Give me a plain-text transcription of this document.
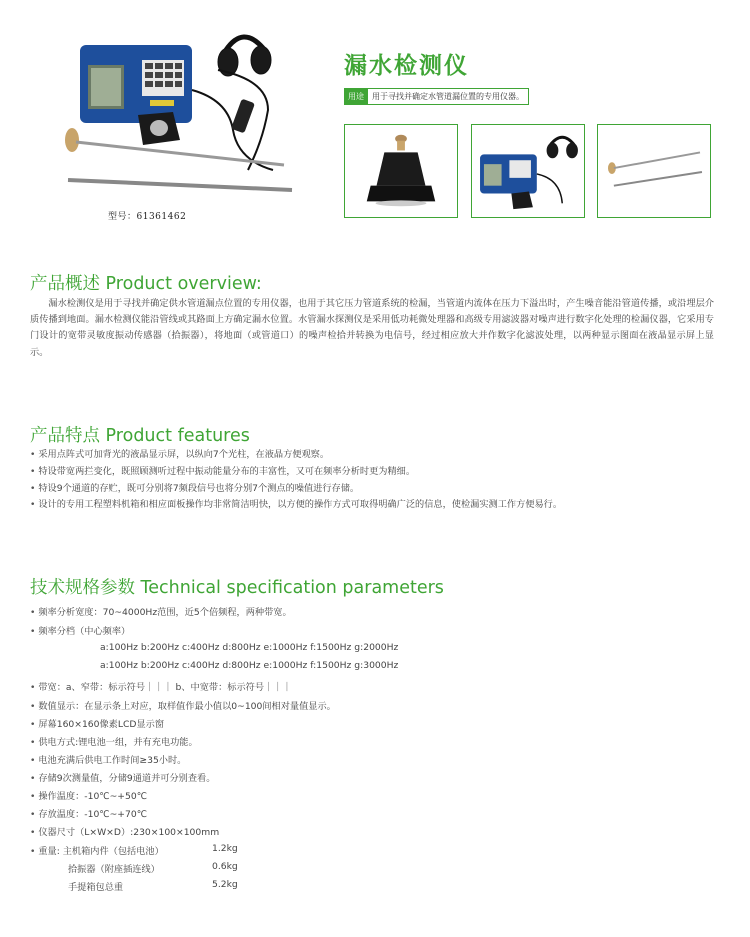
型号：61361462
漏水检测仪
用途	用于寻找并确定水管道漏位置的专用仪器。
产品概述 Product overview:
漏水检测仪是用于寻找并确定供水管道漏点位置的专用仪器，也用于其它压力管道系统的检漏，当管道内流体在压力下溢出时，产生噪音能沿管道传播，或沿埋层介质传播到地面。漏水检测仪能沿管线或其路面上方确定漏水位置。水管漏水探测仪是采用低功耗微处理器和高级专用滤波器对噪声进行数字化处理的检漏仪器，它采用专门设计的宽带灵敏度振动传感器（拾振器），将地面（或管道口）的噪声检拾并转换为电信号，经过相应放大并作数字化滤波处理，以两种显示图面在液晶显示屏上显示。
产品特点 Product features
• 采用点阵式可加背光的液晶显示屏，以纵向7个光柱，在液晶方便观察。
• 特设带宽两拦变化，既照顾测听过程中振动能量分布的丰富性，又可在频率分析时更为精细。
• 特设9个通道的存贮，既可分别将7频段信号也将分别7个测点的噪值进行存储。
• 设计的专用工程塑料机箱和相应面板操作均非常简洁明快，以方便的操作方式可取得明确广泛的信息，使检漏实测工作方便易行。
技术规格参数 Technical specification parameters
• 频率分析宽度：70~4000Hz范围，近5个倍频程，两种带宽。
• 频率分档（中心频率）
a:100Hz b:200Hz c:400Hz d:800Hz e:1000Hz f:1500Hz g:2000Hz
a:100Hz b:200Hz c:400Hz d:800Hz e:1000Hz f:1500Hz g:3000Hz
• 带宽：a、窄带：标示符号｜｜｜ b、中宽带：标示符号｜｜｜
• 数值显示：在显示条上对应，取样值作最小值以0~100间相对量值显示。
• 屏幕160×160像素LCD显示窗
• 供电方式:锂电池一组，并有充电功能。
• 电池充满后供电工作时间≥35小时。
• 存储9次测量值，分储9通道并可分别查看。
• 操作温度：-10℃~+50℃
• 存放温度：-10℃~+70℃
• 仪器尺寸（L×W×D）:230×100×100mm
• 重量: 主机箱内件（包括电池）	1.2kg
拾振器（附座插连线）	0.6kg
手提箱包总重	5.2kg
